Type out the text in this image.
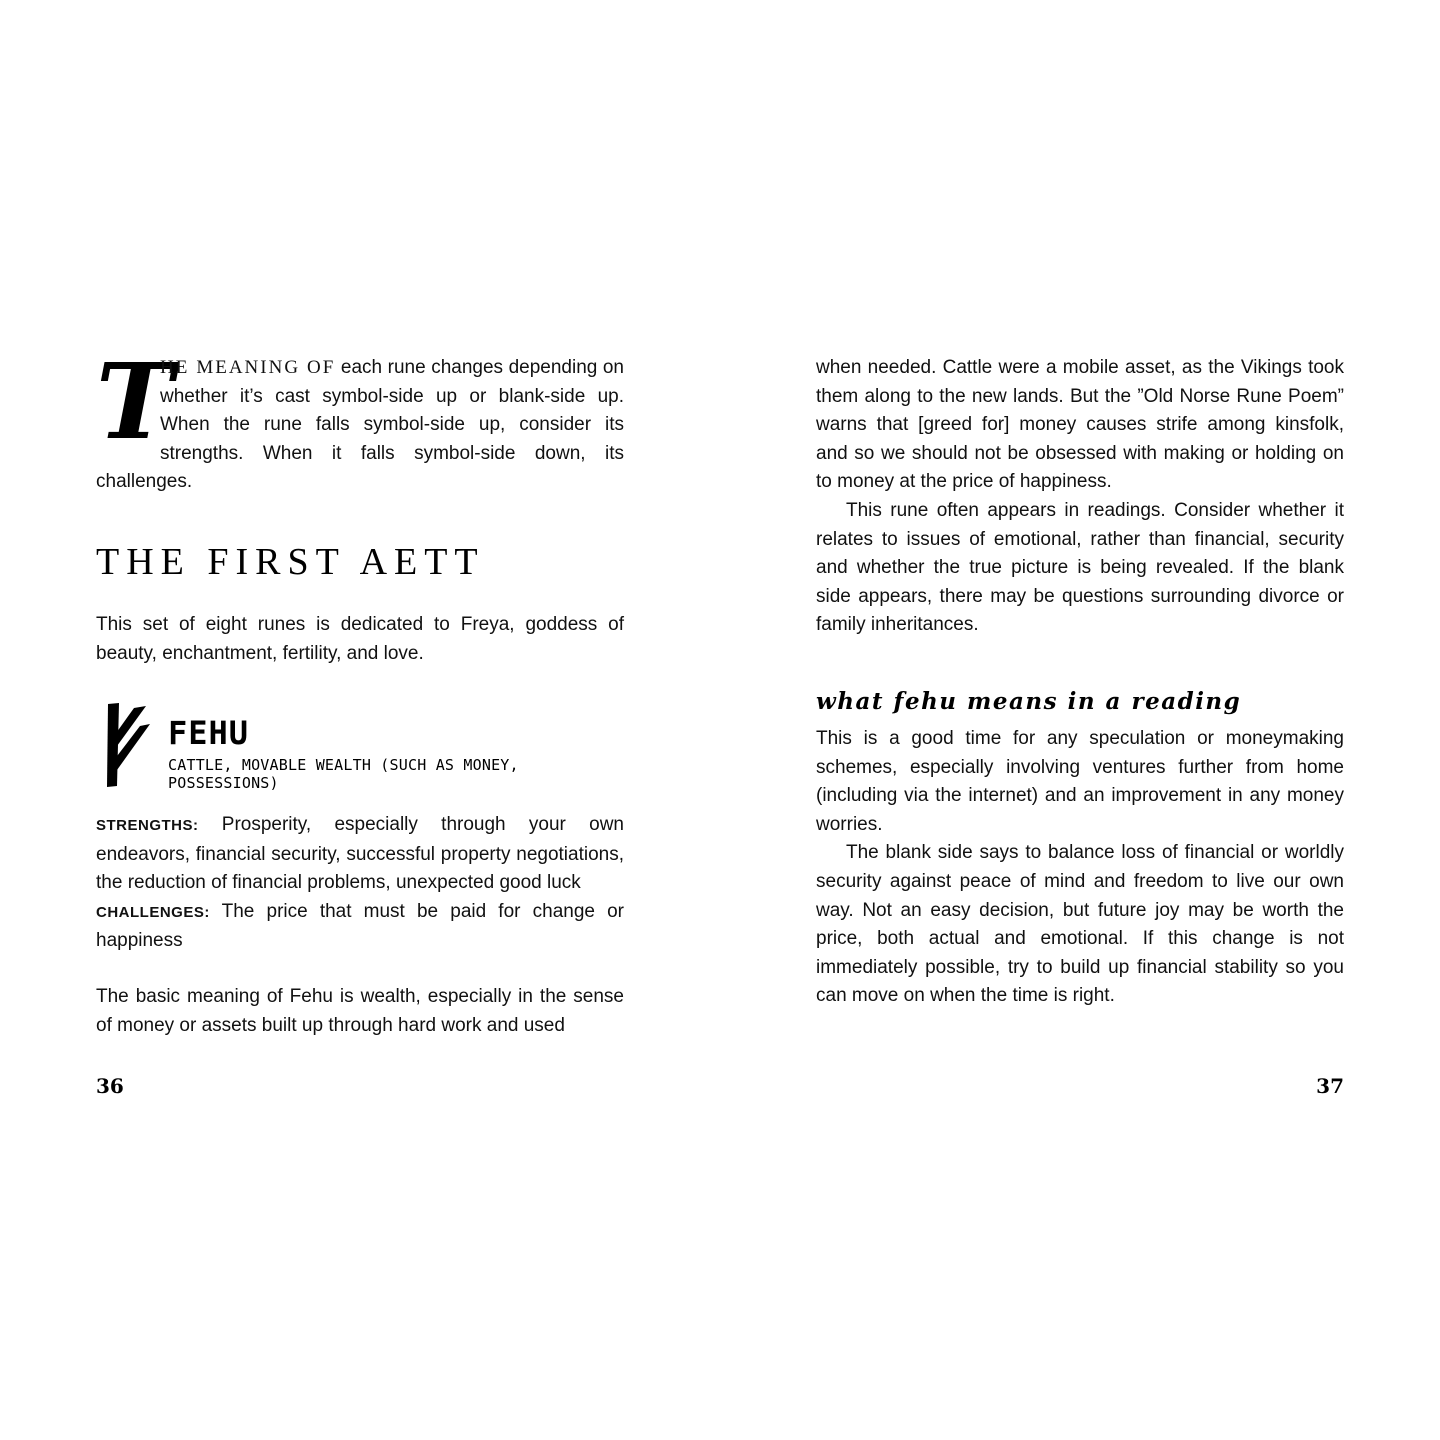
T
HE MEANING OF each rune changes depending on whether it’s cast symbol-side up or blank-side up. When the rune falls symbol-side up, consider its strengths. When it falls symbol-side down, its challenges.

THE FIRST AETT

This set of eight runes is dedicated to Freya, goddess of beauty, enchantment, fertility, and love.

FEHU
CATTLE, MOVABLE WEALTH (SUCH AS MONEY, POSSESSIONS)

STRENGTHS: Prosperity, especially through your own endeavors, financial security, successful property negotiations, the reduction of financial problems, unexpected good luck

CHALLENGES: The price that must be paid for change or happiness

The basic meaning of Fehu is wealth, especially in the sense of money or assets built up through hard work and used

36

when needed. Cattle were a mobile asset, as the Vikings took them along to the new lands. But the ”Old Norse Rune Poem” warns that [greed for] money causes strife among kinsfolk, and so we should not be obsessed with making or holding on to money at the price of happiness.

This rune often appears in readings. Consider whether it relates to issues of emotional, rather than financial, security and whether the true picture is being revealed. If the blank side appears, there may be questions surrounding divorce or family inheritances.

what fehu means in a reading

This is a good time for any speculation or moneymaking schemes, especially involving ventures further from home (including via the internet) and an improvement in any money worries.

The blank side says to balance loss of financial or worldly security against peace of mind and freedom to live our own way. Not an easy decision, but future joy may be worth the price, both actual and emotional. If this change is not immediately possible, try to build up financial stability so you can move on when the time is right.

37
